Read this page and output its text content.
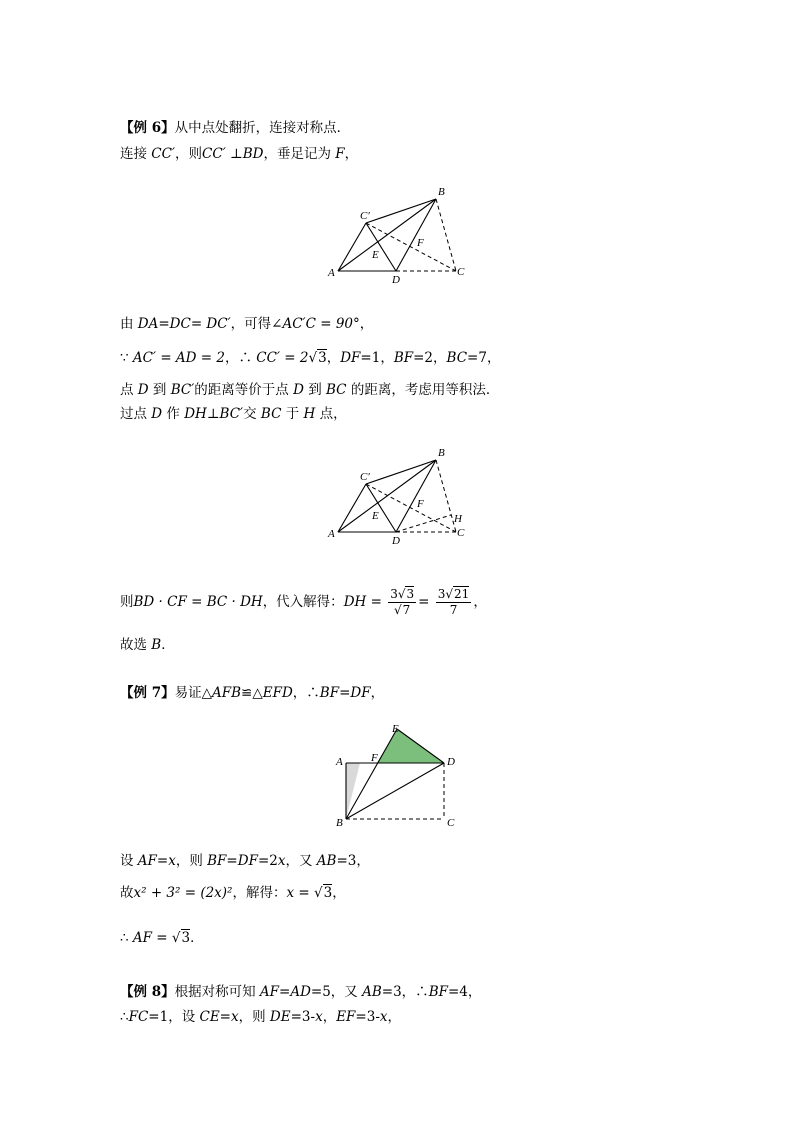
【例 6】从中点处翻折，连接对称点．
连接 CC′，则CC′ ⊥BD，垂足记为 F，
B
C′
E
F
A
D
C
由 DA=DC= DC′，可得∠AC′C = 90°，
∵ AC′ = AD = 2，∴ CC′ = 2√3，DF=1，BF=2，BC=7，
点 D 到 BC′的距离等价于点 D 到 BC 的距离，考虑用等积法．
过点 D 作 DH⊥BC′交 BC 于 H 点，
B
C′
E
F
H
A
D
C
则BD · CF = BC · DH，代入解得：DH = $\frac{3√3}{√7} = \frac{3√21}{7}$ ，
故选 B．
【例 7】易证△AFB≌△EFD，∴BF=DF，
E
A	F	D
B	C
设 AF=x，则 BF=DF=2x，又 AB=3，
故x² + 3² = (2x)²，解得：x = √3，
∴ AF = √3．
【例 8】根据对称可知 AF=AD=5，又 AB=3，∴BF=4，
∴FC=1，设 CE=x，则 DE=3-x，EF=3-x，
